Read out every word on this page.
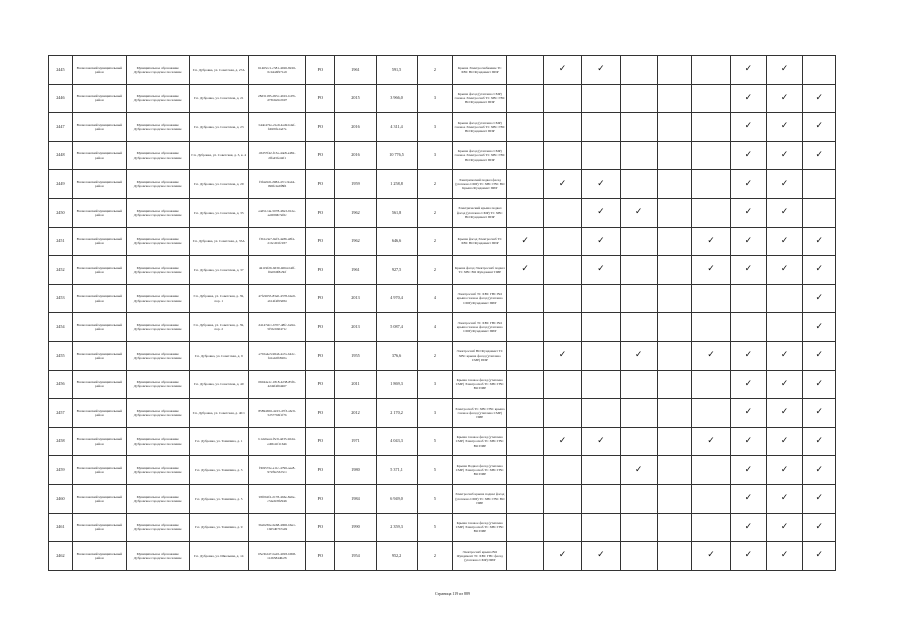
2445	Всеволожский муниципальный район	Муниципальное образование Дубровское городское поселение	Г.п. Дубровка, ул. Советская, д. 27А	61465cc1-c581-4026-8226-0c44a6f971a9	РО	1961	591,5	2	Крыша Электроснабжение ТС ХВС ВО Фундамент ПИР		✓	✓				✓	✓	
2446	Всеволожский муниципальный район	Муниципальное образование Дубровское городское поселение	Г.п. Дубровка, ул. Советская, д. 21	28d31183-d95c-4b91-b47b-d73b0e9c2b97	РО	2015	3 966,0	3	Крыша фасад (утеплено СМР) газовое Электроснаб ТС ХВС ГВС ВО Фундамент ПИР							✓	✓	✓
2447	Всеволожский муниципальный район	Муниципальное образование Дубровское городское поселение	Г.п. Дубровка, ул. Советская, д. 23	b4ab472e-21e9-4a49-bdaf-f4b09fa1ad7a	РО	2016	4 311,4	3	Крыша фасад (утеплено СМР) газовое Электроснаб ТС ХВС ГВС ВО Фундамент ПИР							✓	✓	✓
2448	Всеволожский муниципальный район	Муниципальное образование Дубровское городское поселение	Г.п. Дубровка, ул. Советская, д. 3, к. 4	d3d57f42-f13a-4de8-a482-2ffa45fed4f1	РО	2016	10 776,5	3	Крыша фасад (утеплено СМР) газовое Электроснаб ТС ХВС ГВС ВО Фундамент ПИР							✓	✓	✓
2449	Всеволожский муниципальный район	Муниципальное образование Дубровское городское поселение	Г.п. Дубровка, ул. Советская, д. 29	f3f4a9c6-298d-47cc-9a44-096fc4a9f8f6	РО	1959	1 258,8	2	Электрический подвал фасад (утеплено СМР) ТС ХВС ГВС ВО Крыша Фундамент ПИР		✓	✓				✓	✓	
2450	Всеволожский муниципальный район	Муниципальное образование Дубровское городское поселение	Г.п. Дубровка, ул. Советская, д. 35	ea651c4a-5078-48e3-912e-ae0099b7af6c	РО	1962	561,8	2	Электрический крыша подвал фасад (утеплено СМР) ТС ХВС ВО Фундамент ПИР			✓	✓			✓	✓	
2451	Всеволожский муниципальный район	Муниципальное образование Дубровское городское поселение	Г.п. Дубровка, ул. Советская, д. 35А	f3b1a3e7-9af3-4a86-a8f4-21bcd01fc937	РО	1962	646,6	2	Крыша фасад Электроснаб ТС ХВС ВО Фундамент ПИР	✓		✓			✓	✓	✓	✓
2452	Всеволожский муниципальный район	Муниципальное образование Дубровское городское поселение	Г.п. Дубровка, ул. Советская, д. 37	d4119f26-b630-4664-b4ff-f0e0b0f8a3bf	РО	1961	927,5	2	Крыша фасад Электроснаб подвал ТС ХВС ВО Фундамент ПИР	✓		✓			✓	✓	✓	✓
2453	Всеволожский муниципальный район	Муниципальное образование Дубровское городское поселение	Г.п. Дубровка, ул. Советская, д. 39, пор. 1	47f22655-83e0-4378-b4e9-ab14f4f93d84	РО	2013	4 970,4	4	Электроснаб ТС ХВС ГВС ВО крыша газовое фасад (утеплено СМР) Фундамент ПИР									✓
2454	Всеволожский муниципальный район	Муниципальное образование Дубровское городское поселение	Г.п. Дубровка, ул. Советская, д. 39, пор. 2	d4147ab1-b707-48fc-be94-5f5bc6b0471c	РО	2013	5 087,4	4	Электроснаб ТС ХВС ГВС ВО крыша газовое фасад (утеплено СМР) Фундамент ПИР									✓
2455	Всеволожский муниципальный район	Муниципальное образование Дубровское городское поселение	Г.п. Дубровка, ул. Советская, д. 9	e7b5a4e3-96a6-4a7a-b42c-f41a42fb820a	РО	1955	376,6	2	Электроснаб ВО Фундамент ТС ХВС крыша фасад (утеплено СМР) ПИР		✓		✓		✓	✓	✓	✓
2456	Всеволожский муниципальный район	Муниципальное образование Дубровское городское поселение	Г.п. Дубровка, ул. Советская, д. 40	06044e1c-1818-4238-85fb-42a9f4f6d467	РО	2011	1 869,3	3	Крыша газовое фасад (утеплено СМР) Электроснаб ТС ХВС ГВС ВО ПИР							✓	✓	✓
2457	Всеволожский муниципальный район	Муниципальное образование Дубровское городское поселение	Г.п. Дубровка, ул. Советская, д. 40/1	85894656-4223-47f3-a6c9-52577b6f1f7b	РО	2012	2 170,2	3	Электроснаб ТС ХВС ГВС крыша газовое фасад (утеплено СМР) ПИР							✓	✓	✓
2458	Всеволожский муниципальный район	Муниципальное образование Дубровское городское поселение	Г.п. Дубровка, ул. Томилина, д. 1	b12e6ea4-f3c9-4d35-92d4-ed0b41f1164b	РО	1971	4 043,3	5	Крыша газовое фасад (утеплено СМР) Электроснаб ТС ХВС ГВС ВО ПИР		✓	✓			✓	✓	✓	✓
2459	Всеволожский муниципальный район	Муниципальное образование Дубровское городское поселение	Г.п. Дубровка, ул. Томилина, д. 3	f3b9572e-e11c-4796-aee8-972f9e5323c1	РО	1980	5 371,1	5	Крыша Подвал фасад (утеплено СМР) Электроснаб ТС ХВС ГВС ВО ПИР				✓			✓	✓	✓
2460	Всеволожский муниципальный район	Муниципальное образование Дубровское городское поселение	Г.п. Дубровка, ул. Томилина, д. 5	93f0b2f2-2178-4b6e-8a6e-c54e9c8f2946	РО	1984	6 949,0	5	Электроснаб крыша подвал фасад (утеплено СМР) ТС ХВС ГВС ВО ПИР							✓	✓	✓
2461	Всеволожский муниципальный район	Муниципальное образование Дубровское городское поселение	Г.п. Дубровка, ул. Томилина, д. 9	3ba6236e-0e68-4906-b6e1-1b65d07b7a49	РО	1990	2 359,3	5	Крыша газовое фасад (утеплено СМР) Электроснаб ТС ХВС ГВС ВО ПИР							✓	✓	✓
2462	Всеволожский муниципальный район	Муниципальное образование Дубровское городское поселение	Г.п. Дубровка, ул. Школьная, д. 14	05e3b247-ba45-4093-b9b8-1126584d6a7b	РО	1954	952,2	2	Электроснаб крыша ВО Фундамент ТС ХВС ГВС фасад (утеплено СМР) ПИР		✓	✓			✓	✓	✓	✓
Страница 119 из 889
